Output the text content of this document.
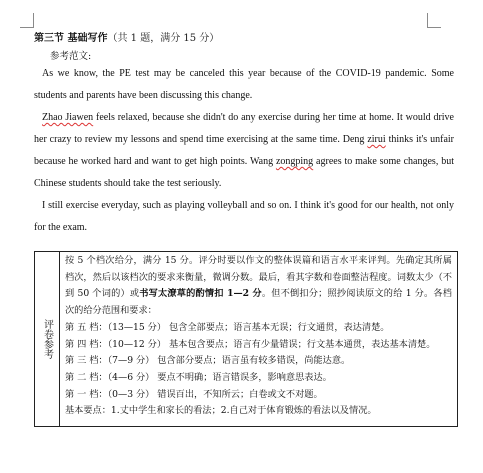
第三节 基础写作（共 1 题，满分 15 分）

参考范文:

As we know, the PE test may be canceled this year because of the COVID-19 pandemic. Some students and parents have been discussing this change.

Zhao Jiawen feels relaxed, because she didn't do any exercise during her time at home. It would drive her crazy to review my lessons and spend time exercising at the same time. Deng zirui thinks it's unfair because he worked hard and want to get high points. Wang zongping agrees to make some changes, but Chinese students should take the test seriously.

I still exercise everyday, such as playing volleyball and so on. I think it's good for our health, not only for the exam.

评卷参考

按 5 个档次给分，满分 15 分。评分时要以作文的整体误篇和语言水平来评判。先确定其所属档次，然后以该档次的要求来衡量，微调分数。最后，看其字数和卷面整洁程度。词数太少（不到 50 个词的）或书写太潦草的酌情扣 1—2 分。但不倒扣分；照抄阅读原文的给 1 分。各档次的给分范围和要求：

第 五 档：（13—15 分） 包含全部要点；语言基本无误；行文通贯，表达清楚。

第 四 档：（10—12 分） 基本包含要点；语言有少量错误；行文基本通贯，表达基本清楚。

第 三 档：（7—9 分） 包含部分要点；语言虽有较多错误，尚能达意。

第 二 档：（4—6 分） 要点不明确；语言错误多，影响意思表达。

第 一 档：（0—3 分） 错误百出，不知所云；白卷或文不对题。

基本要点：1.丈中学生和家长的看法；2.自己对于体育锻炼的看法以及情况。
